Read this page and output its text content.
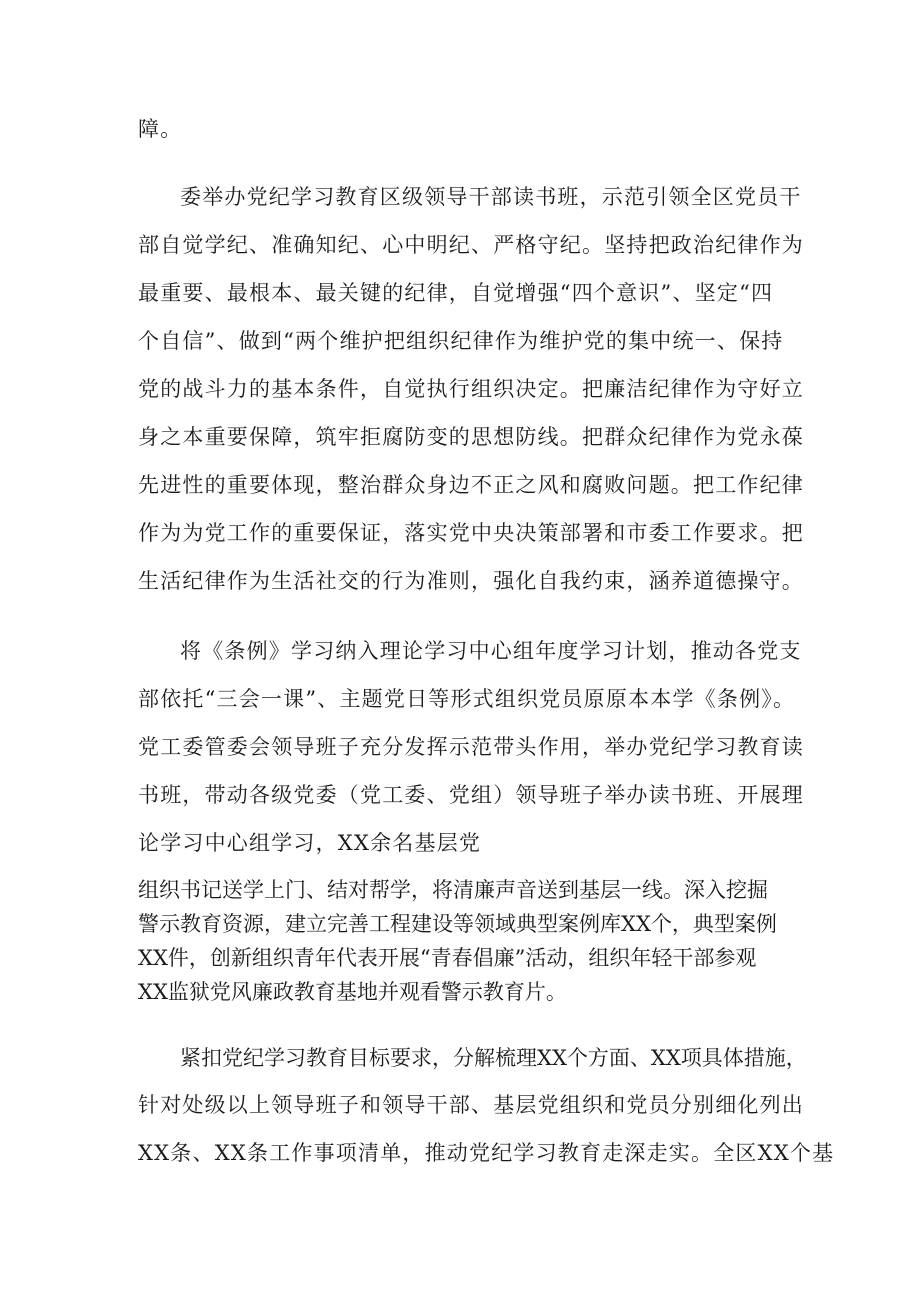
障。
委举办党纪学习教育区级领导干部读书班，示范引领全区党员干
部自觉学纪、准确知纪、心中明纪、严格守纪。坚持把政治纪律作为
最重要、最根本、最关键的纪律，自觉增强“四个意识”、坚定“四
个自信”、做到“两个维护把组织纪律作为维护党的集中统一、保持
党的战斗力的基本条件，自觉执行组织决定。把廉洁纪律作为守好立
身之本重要保障，筑牢拒腐防变的思想防线。把群众纪律作为党永葆
先进性的重要体现，整治群众身边不正之风和腐败问题。把工作纪律
作为为党工作的重要保证，落实党中央决策部署和市委工作要求。把
生活纪律作为生活社交的行为准则，强化自我约束，涵养道德操守。
将《条例》学习纳入理论学习中心组年度学习计划，推动各党支
部依托“三会一课”、主题党日等形式组织党员原原本本学《条例》。
党工委管委会领导班子充分发挥示范带头作用，举办党纪学习教育读
书班，带动各级党委（党工委、党组）领导班子举办读书班、开展理
论学习中心组学习，XX余名基层党
组织书记送学上门、结对帮学，将清廉声音送到基层一线。深入挖掘
警示教育资源，建立完善工程建设等领域典型案例库XX个，典型案例
XX件，创新组织青年代表开展“青春倡廉”活动，组织年轻干部参观
XX监狱党风廉政教育基地并观看警示教育片。
紧扣党纪学习教育目标要求，分解梳理XX个方面、XX项具体措施，
针对处级以上领导班子和领导干部、基层党组织和党员分别细化列出
XX条、XX条工作事项清单，推动党纪学习教育走深走实。全区XX个基
